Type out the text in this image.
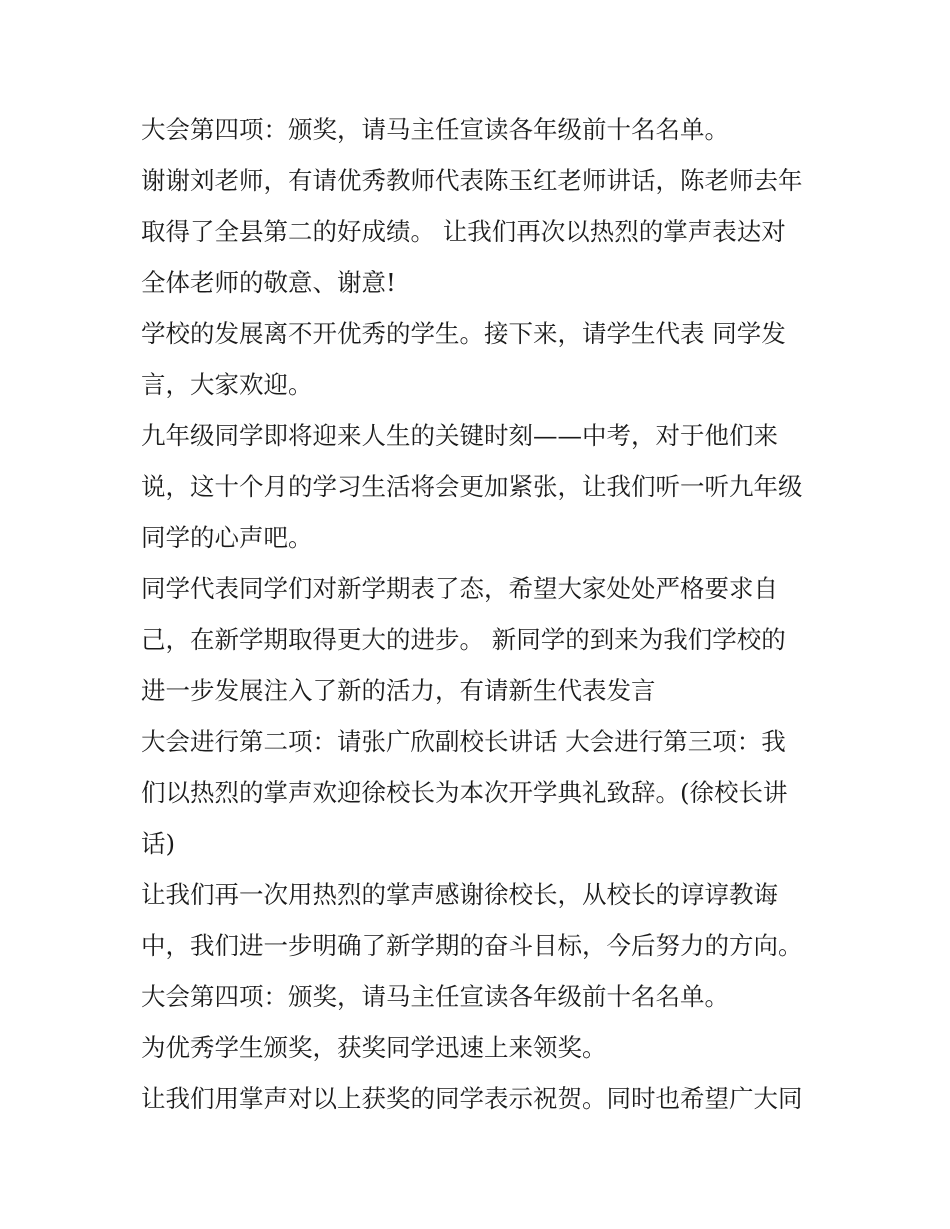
大会第四项：颁奖，请马主任宣读各年级前十名名单。
谢谢刘老师，有请优秀教师代表陈玉红老师讲话，陈老师去年
取得了全县第二的好成绩。 让我们再次以热烈的掌声表达对
全体老师的敬意、谢意!
学校的发展离不开优秀的学生。接下来，请学生代表 同学发
言，大家欢迎。
九年级同学即将迎来人生的关键时刻——中考，对于他们来
说，这十个月的学习生活将会更加紧张，让我们听一听九年级
同学的心声吧。
同学代表同学们对新学期表了态，希望大家处处严格要求自
己，在新学期取得更大的进步。 新同学的到来为我们学校的
进一步发展注入了新的活力，有请新生代表发言
大会进行第二项：请张广欣副校长讲话 大会进行第三项：我
们以热烈的掌声欢迎徐校长为本次开学典礼致辞。(徐校长讲
话)
让我们再一次用热烈的掌声感谢徐校长，从校长的谆谆教诲
中，我们进一步明确了新学期的奋斗目标，今后努力的方向。
大会第四项：颁奖，请马主任宣读各年级前十名名单。
为优秀学生颁奖，获奖同学迅速上来领奖。
让我们用掌声对以上获奖的同学表示祝贺。同时也希望广大同
